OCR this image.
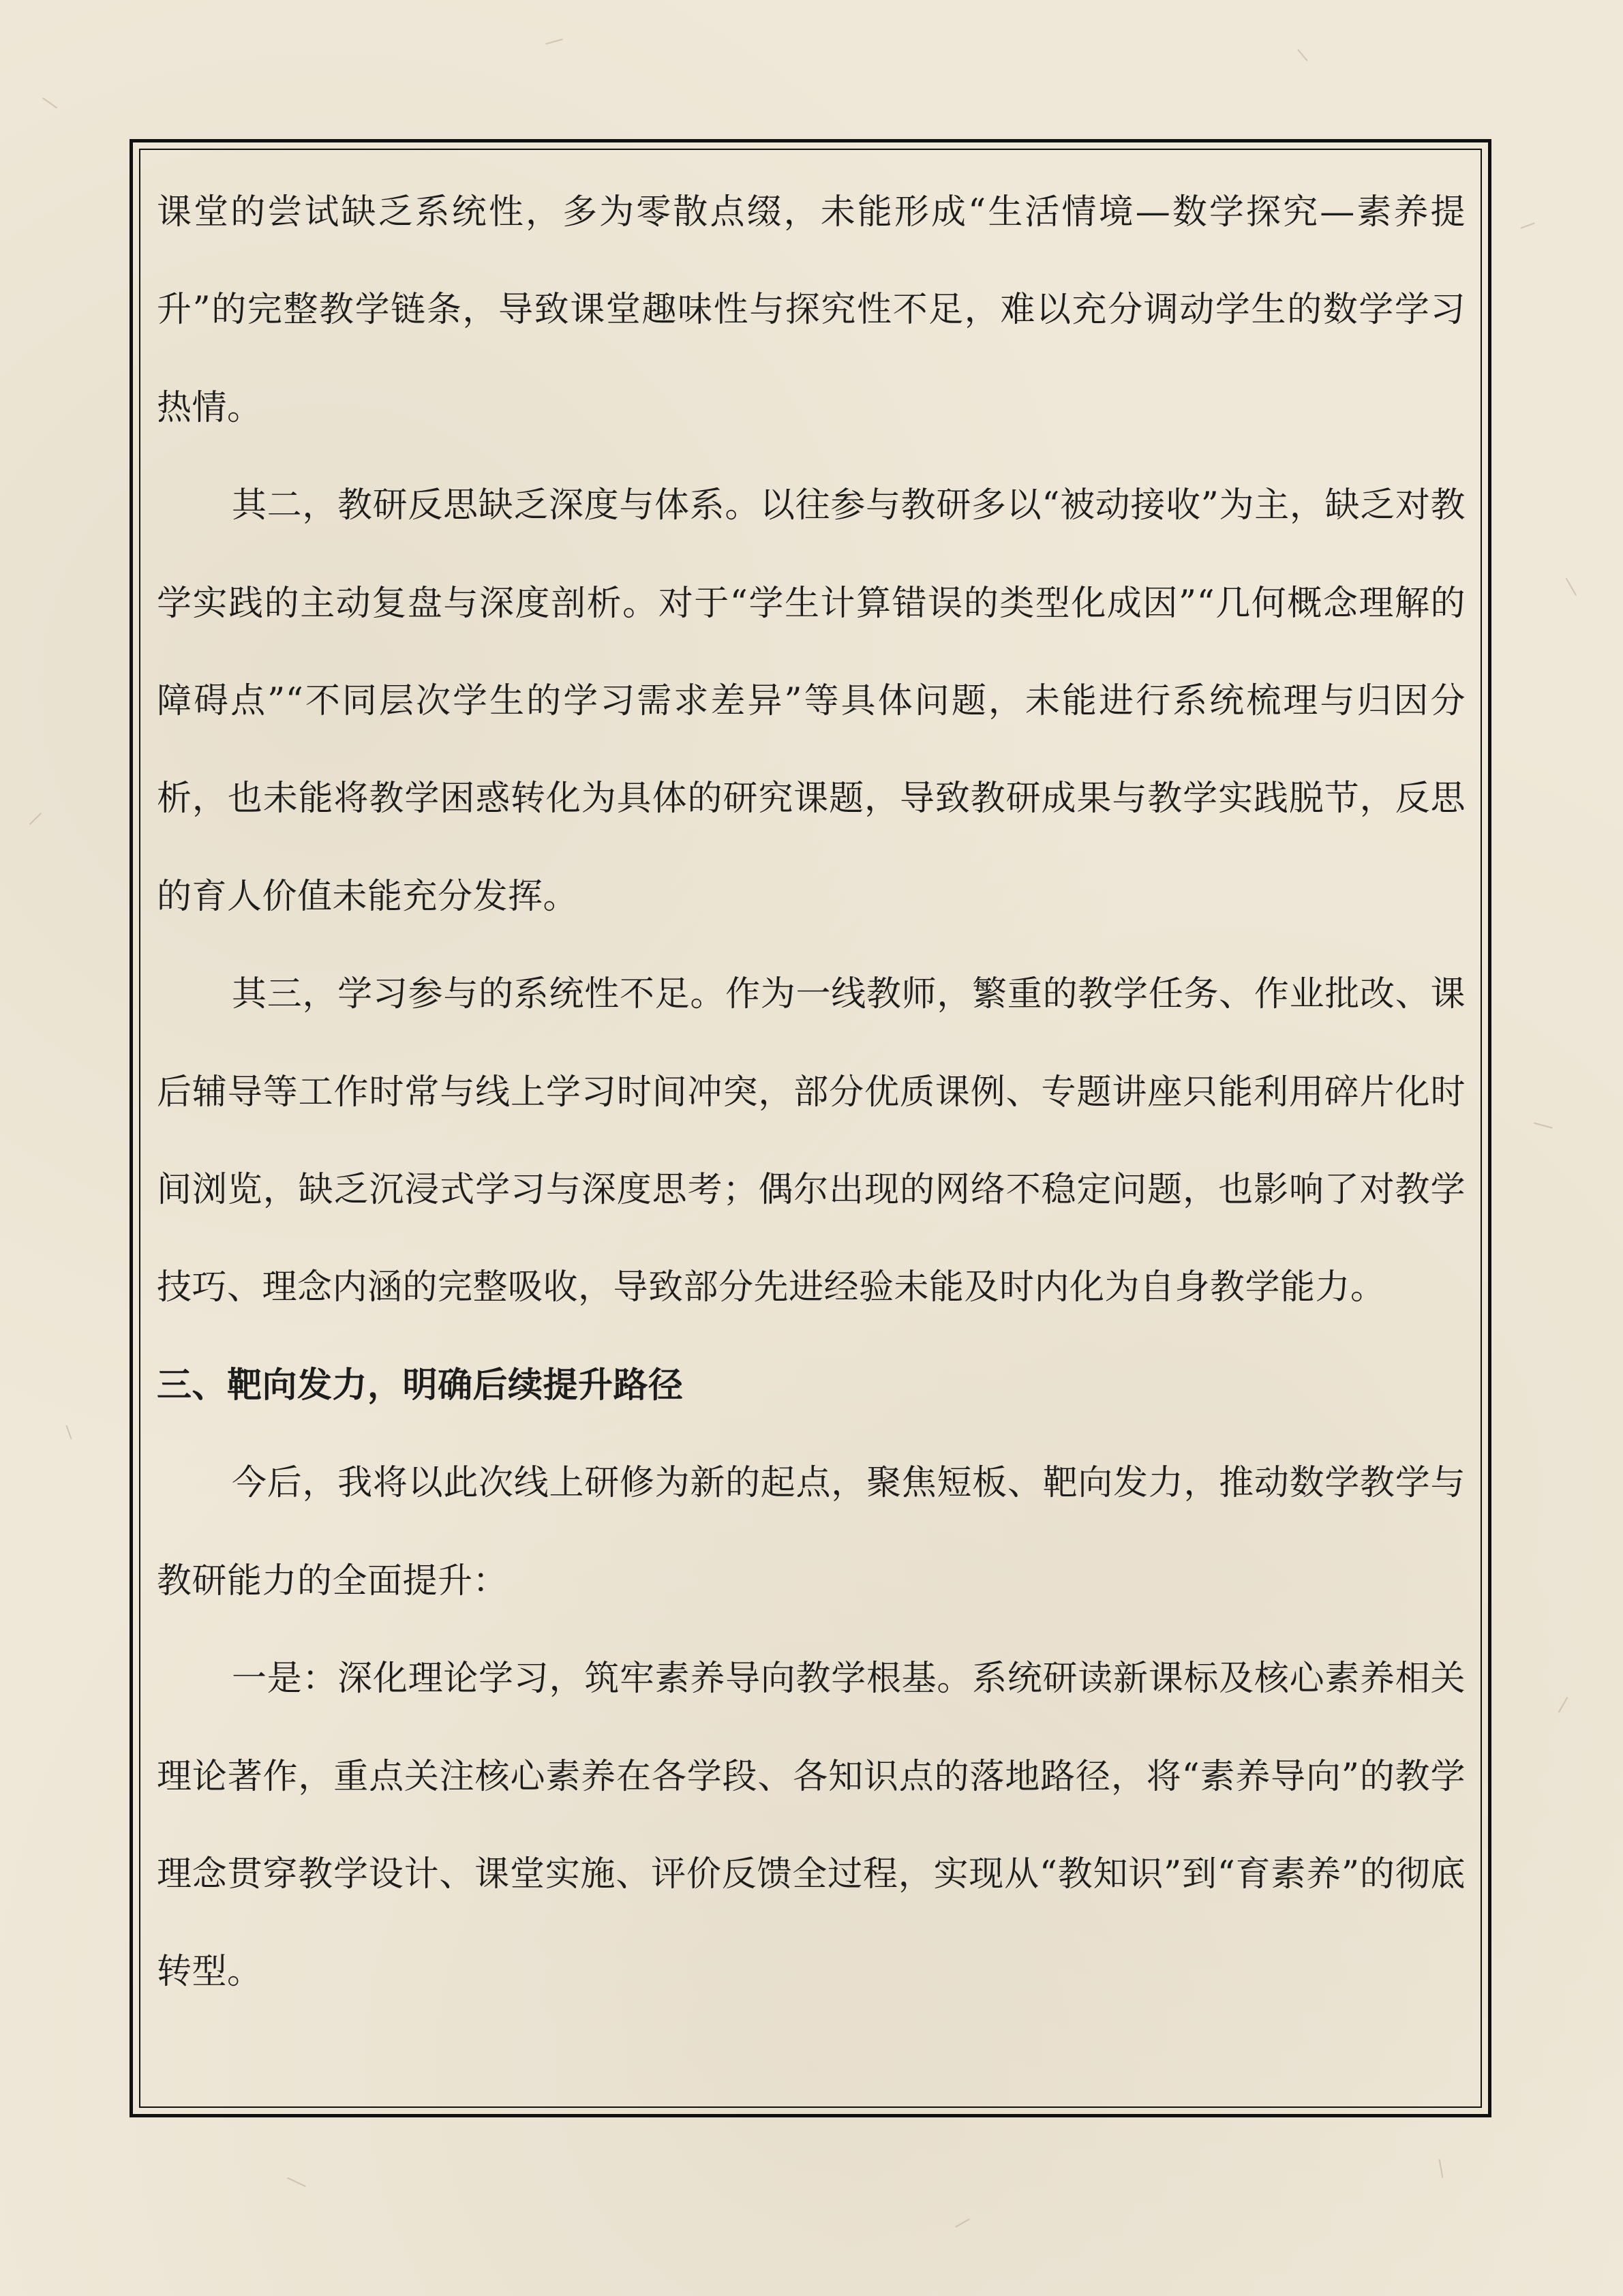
课堂的尝试缺乏系统性，多为零散点缀，未能形成“生活情境—数学探究—素养提升”的完整教学链条，导致课堂趣味性与探究性不足，难以充分调动学生的数学学习热情。

其二，教研反思缺乏深度与体系。以往参与教研多以“被动接收”为主，缺乏对教学实践的主动复盘与深度剖析。对于“学生计算错误的类型化成因”“几何概念理解的障碍点”“不同层次学生的学习需求差异”等具体问题，未能进行系统梳理与归因分析，也未能将教学困惑转化为具体的研究课题，导致教研成果与教学实践脱节，反思的育人价值未能充分发挥。

其三，学习参与的系统性不足。作为一线教师，繁重的教学任务、作业批改、课后辅导等工作时常与线上学习时间冲突，部分优质课例、专题讲座只能利用碎片化时间浏览，缺乏沉浸式学习与深度思考；偶尔出现的网络不稳定问题，也影响了对教学技巧、理念内涵的完整吸收，导致部分先进经验未能及时内化为自身教学能力。

三、靶向发力，明确后续提升路径

今后，我将以此次线上研修为新的起点，聚焦短板、靶向发力，推动数学教学与教研能力的全面提升：

一是：深化理论学习，筑牢素养导向教学根基。系统研读新课标及核心素养相关理论著作，重点关注核心素养在各学段、各知识点的落地路径，将“素养导向”的教学理念贯穿教学设计、课堂实施、评价反馈全过程，实现从“教知识”到“育素养”的彻底转型。
